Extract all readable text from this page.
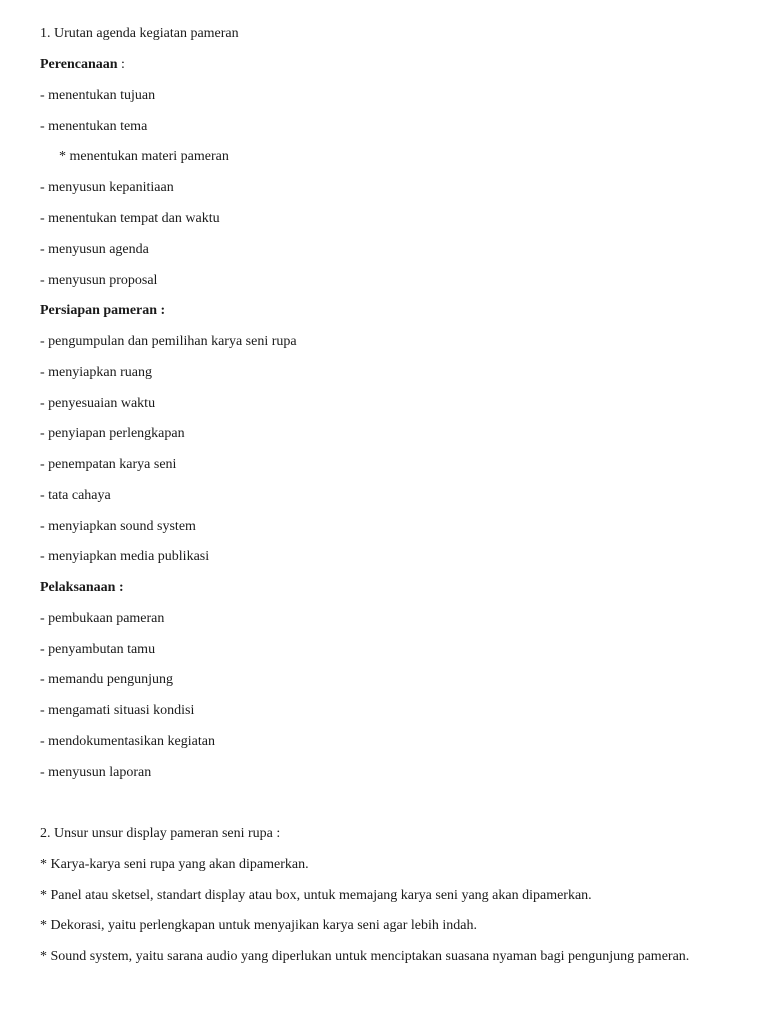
1. Urutan agenda kegiatan pameran
Perencanaan :
- menentukan tujuan
- menentukan tema
* menentukan materi pameran
- menyusun kepanitiaan
- menentukan tempat dan waktu
- menyusun agenda
- menyusun proposal
Persiapan pameran :
- pengumpulan dan pemilihan karya seni rupa
- menyiapkan ruang
- penyesuaian waktu
- penyiapan perlengkapan
- penempatan karya seni
- tata cahaya
- menyiapkan sound system
- menyiapkan media publikasi
Pelaksanaan :
- pembukaan pameran
- penyambutan tamu
- memandu pengunjung
- mengamati situasi kondisi
- mendokumentasikan kegiatan
- menyusun laporan
2. Unsur unsur display pameran seni rupa :
* Karya-karya seni rupa yang akan dipamerkan.
* Panel atau sketsel, standart display atau box, untuk memajang karya seni yang akan dipamerkan.
* Dekorasi, yaitu perlengkapan untuk menyajikan karya seni agar lebih indah.
* Sound system, yaitu sarana audio yang diperlukan untuk menciptakan suasana nyaman bagi pengunjung pameran.
